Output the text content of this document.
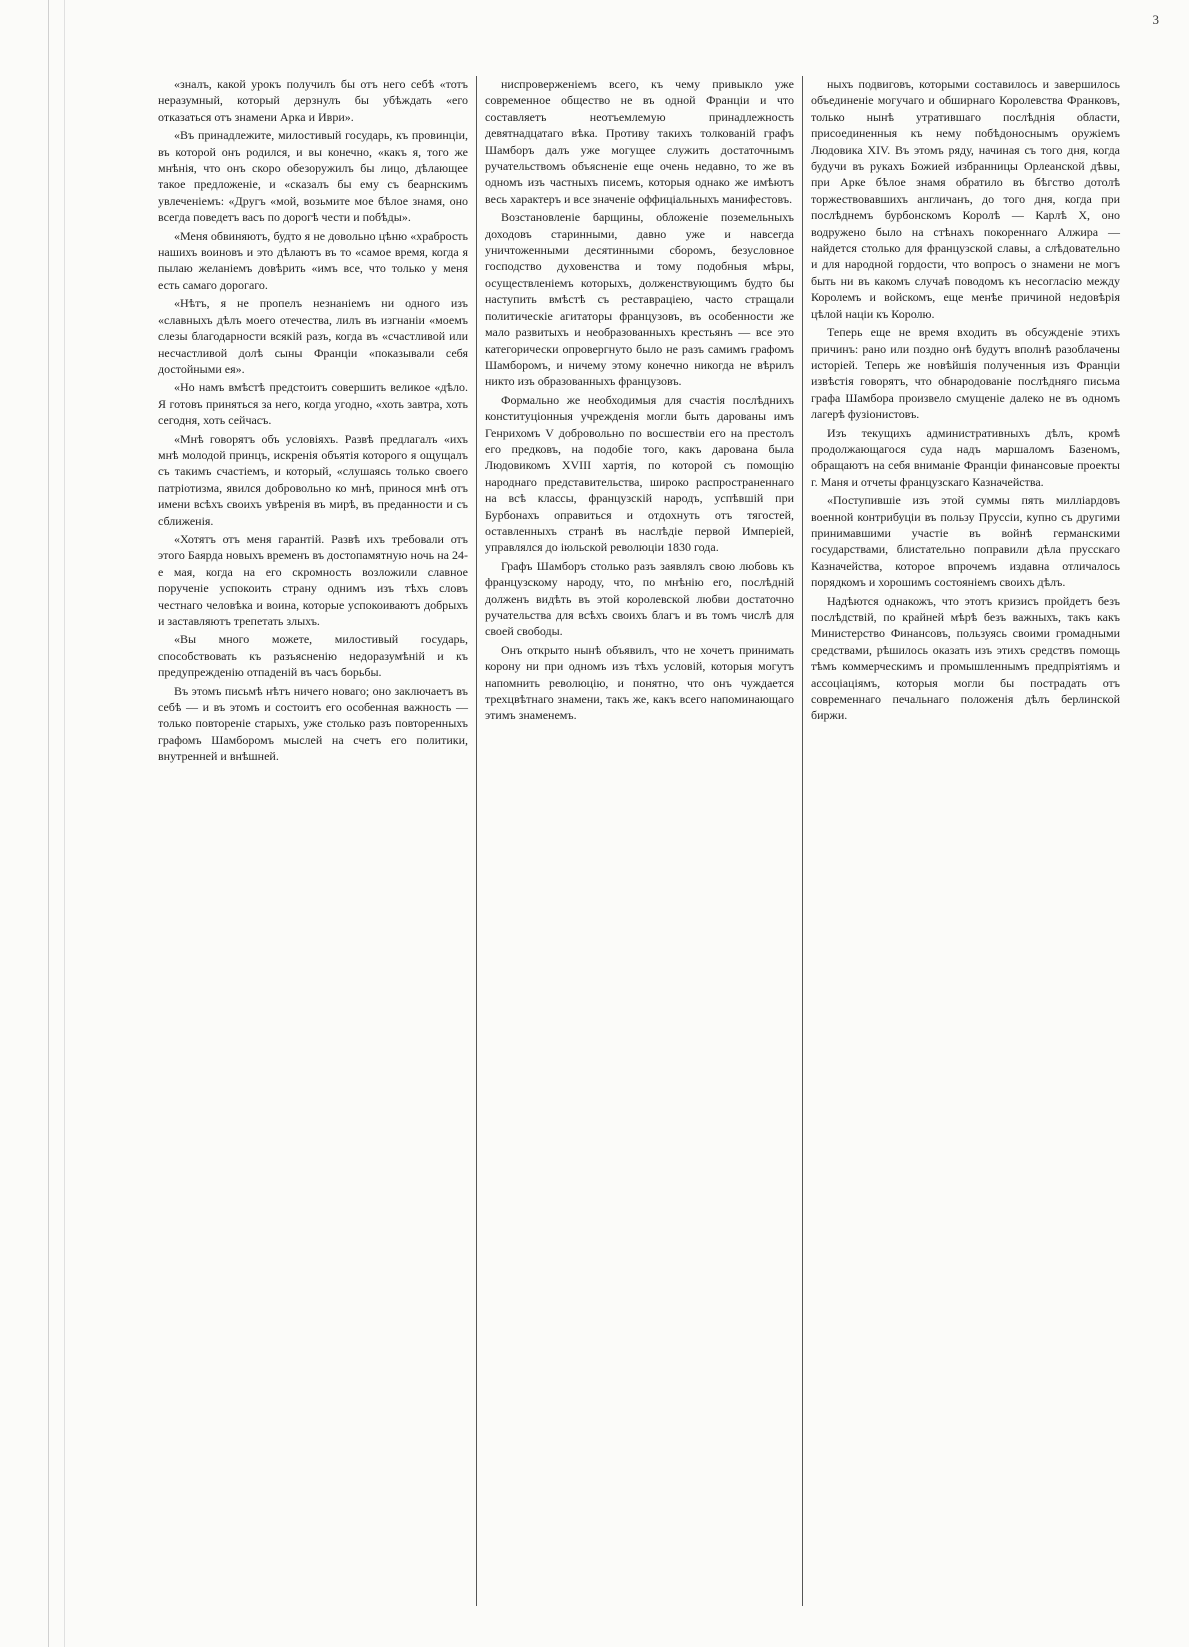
3

«зналъ, какой урокъ получилъ бы отъ него себѣ «тотъ неразумный, который дерзнулъ бы убѣждать «его отказаться отъ знамени Арка и Иври».

«Въ принадлежите, милостивый государь, къ провинціи, въ которой онъ родился, и вы конечно, «какъ я, того же мнѣнія, что онъ скоро обезоружилъ бы лицо, дѣлающее такое предложеніе, и «сказалъ бы ему съ беарнскимъ увлеченіемъ: «Другъ «мой, возьмите мое бѣлое знамя, оно всегда поведетъ васъ по дорогѣ чести и побѣды».

«Меня обвиняютъ, будто я не довольно цѣню «храбрость нашихъ воиновъ и это дѣлаютъ въ то «самое время, когда я пылаю желаніемъ довѣрить «имъ все, что только у меня есть самаго дорогаго.

«Нѣтъ, я не пропелъ незнаніемъ ни одного изъ «славныхъ дѣлъ моего отечества, лилъ въ изгнаніи «моемъ слезы благодарности всякій разъ, когда въ «счастливой или несчастливой долѣ сыны Франціи «показывали себя достойными ея».

«Но намъ вмѣстѣ предстоитъ совершить великое «дѣло. Я готовъ приняться за него, когда угодно, «хоть завтра, хоть сегодня, хоть сейчасъ.

«Мнѣ говорятъ объ условіяхъ. Развѣ предлагалъ «ихъ мнѣ молодой принцъ, искренія объятія которого я ощущалъ съ такимъ счастіемъ, и который, «слушаясь только своего патріотизма, явился добровольно ко мнѣ, принося мнѣ отъ имени всѣхъ своихъ увѣренія въ мирѣ, въ преданности и съ сближенія.

«Хотятъ отъ меня гарантій. Развѣ ихъ требовали отъ этого Баярда новыхъ временъ въ достопамятную ночь на 24-е мая, когда на его скромность возложили славное порученіе успокоить страну однимъ изъ тѣхъ словъ честнаго человѣка и воина, которые успокоиваютъ добрыхъ и заставляютъ трепетать злыхъ.

«Вы много можете, милостивый государь, способствовать къ разъясненію недоразумѣній и къ предупрежденію отпаденій въ часъ борьбы.

Въ этомъ письмѣ нѣтъ ничего новаго; оно заключаетъ въ себѣ — и въ этомъ и состоитъ его особенная важность — только повтореніе старыхъ, уже столько разъ повторенныхъ графомъ Шамборомъ мыслей на счетъ его политики, внутренней и внѣшней.

ниспроверженіемъ всего, къ чему привыкло уже современное общество не въ одной Франціи и что составляетъ неотъемлемую принадлежность девятнадцатаго вѣка. Противу такихъ толкованій графъ Шамборъ далъ уже могущее служить достаточнымъ ручательствомъ объясненіе еще очень недавно, то же въ одномъ изъ частныхъ писемъ, которыя однако же имѣютъ весь характеръ и все значеніе оффиціальныхъ манифестовъ.

Возстановленіе барщины, обложеніе поземельныхъ доходовъ старинными, давно уже и навсегда уничтоженными десятинными сборомъ, безусловное господство духовенства и тому подобныя мѣры, осуществленіемъ которыхъ, долженствующимъ будто бы наступить вмѣстѣ съ реставраціею, часто стращали политическіе агитаторы французовъ, въ особенности же мало развитыхъ и необразованныхъ крестьянъ — все это категорически опровергнуто было не разъ самимъ графомъ Шамборомъ, и ничему этому конечно никогда не вѣрилъ никто изъ образованныхъ французовъ.

Формально же необходимыя для счастія послѣднихъ конституціонныя учрежденія могли быть дарованы имъ Генрихомъ V добровольно по восшествіи его на престолъ его предковъ, на подобіе того, какъ дарована была Людовикомъ XVIII хартія, по которой съ помощію народнаго представительства, широко распространеннаго на всѣ классы, французскій народъ, успѣвшій при Бурбонахъ оправиться и отдохнуть отъ тягостей, оставленныхъ странѣ въ наслѣдіе первой Имперіей, управлялся до іюльской революціи 1830 года.

Графъ Шамборъ столько разъ заявлялъ свою любовь къ французскому народу, что, по мнѣнію его, послѣдній долженъ видѣть въ этой королевской любви достаточно ручательства для всѣхъ своихъ благъ и въ томъ числѣ для своей свободы.

Онъ открыто нынѣ объявилъ, что не хочетъ принимать корону ни при одномъ изъ тѣхъ условій, которыя могутъ напомнить революцію, и понятно, что онъ чуждается трехцвѣтнаго знамени, такъ же, какъ всего напоминающаго этимъ знаменемъ.

ныхъ подвиговъ, которыми составилось и завершилось объединеніе могучаго и обширнаго Королевства Франковъ, только нынѣ утратившаго послѣднія области, присоединенныя къ нему побѣдоноснымъ оружіемъ Людовика XIV. Въ этомъ ряду, начиная съ того дня, когда будучи въ рукахъ Божией избранницы Орлеанской дѣвы, при Арке бѣлое знамя обратило въ бѣгство дотолѣ торжествовавшихъ англичанъ, до того дня, когда при послѣднемъ бурбонскомъ Королѣ — Карлѣ X, оно водружено было на стѣнахъ покореннаго Алжира — найдется столько для французской славы, а слѣдовательно и для народной гордости, что вопросъ о знамени не могъ быть ни въ какомъ случаѣ поводомъ къ несогласію между Королемъ и войскомъ, еще менѣе причиной недовѣрія цѣлой націи къ Королю.

Теперь еще не время входить въ обсужденіе этихъ причинъ: рано или поздно онѣ будутъ вполнѣ разоблачены исторіей. Теперь же новѣйшія полученныя изъ Франціи извѣстія говорятъ, что обнародованіе послѣдняго письма графа Шамбора произвело смущеніе далеко не въ одномъ лагерѣ фузіонистовъ.

Изъ текущихъ административныхъ дѣлъ, кромѣ продолжающагося суда надъ маршаломъ Базеномъ, обращаютъ на себя вниманіе Франціи финансовые проекты г. Маня и отчеты французскаго Казначейства.

«Поступившіе изъ этой суммы пять милліардовъ военной контрибуціи въ пользу Пруссіи, купно съ другими принимавшими участіе въ войнѣ германскими государствами, блистательно поправили дѣла прусскаго Казначейства, которое впрочемъ издавна отличалось порядкомъ и хорошимъ состояніемъ своихъ дѣлъ.

Надѣются однакожъ, что этотъ кризисъ пройдетъ безъ послѣдствій, по крайней мѣрѣ безъ важныхъ, такъ какъ Министерство Финансовъ, пользуясь своими громадными средствами, рѣшилось оказать изъ этихъ средствъ помощь тѣмъ коммерческимъ и промышленнымъ предпріятіямъ и ассоціаціямъ, которыя могли бы пострадать отъ современнаго печальнаго положенія дѣлъ берлинской биржи.
